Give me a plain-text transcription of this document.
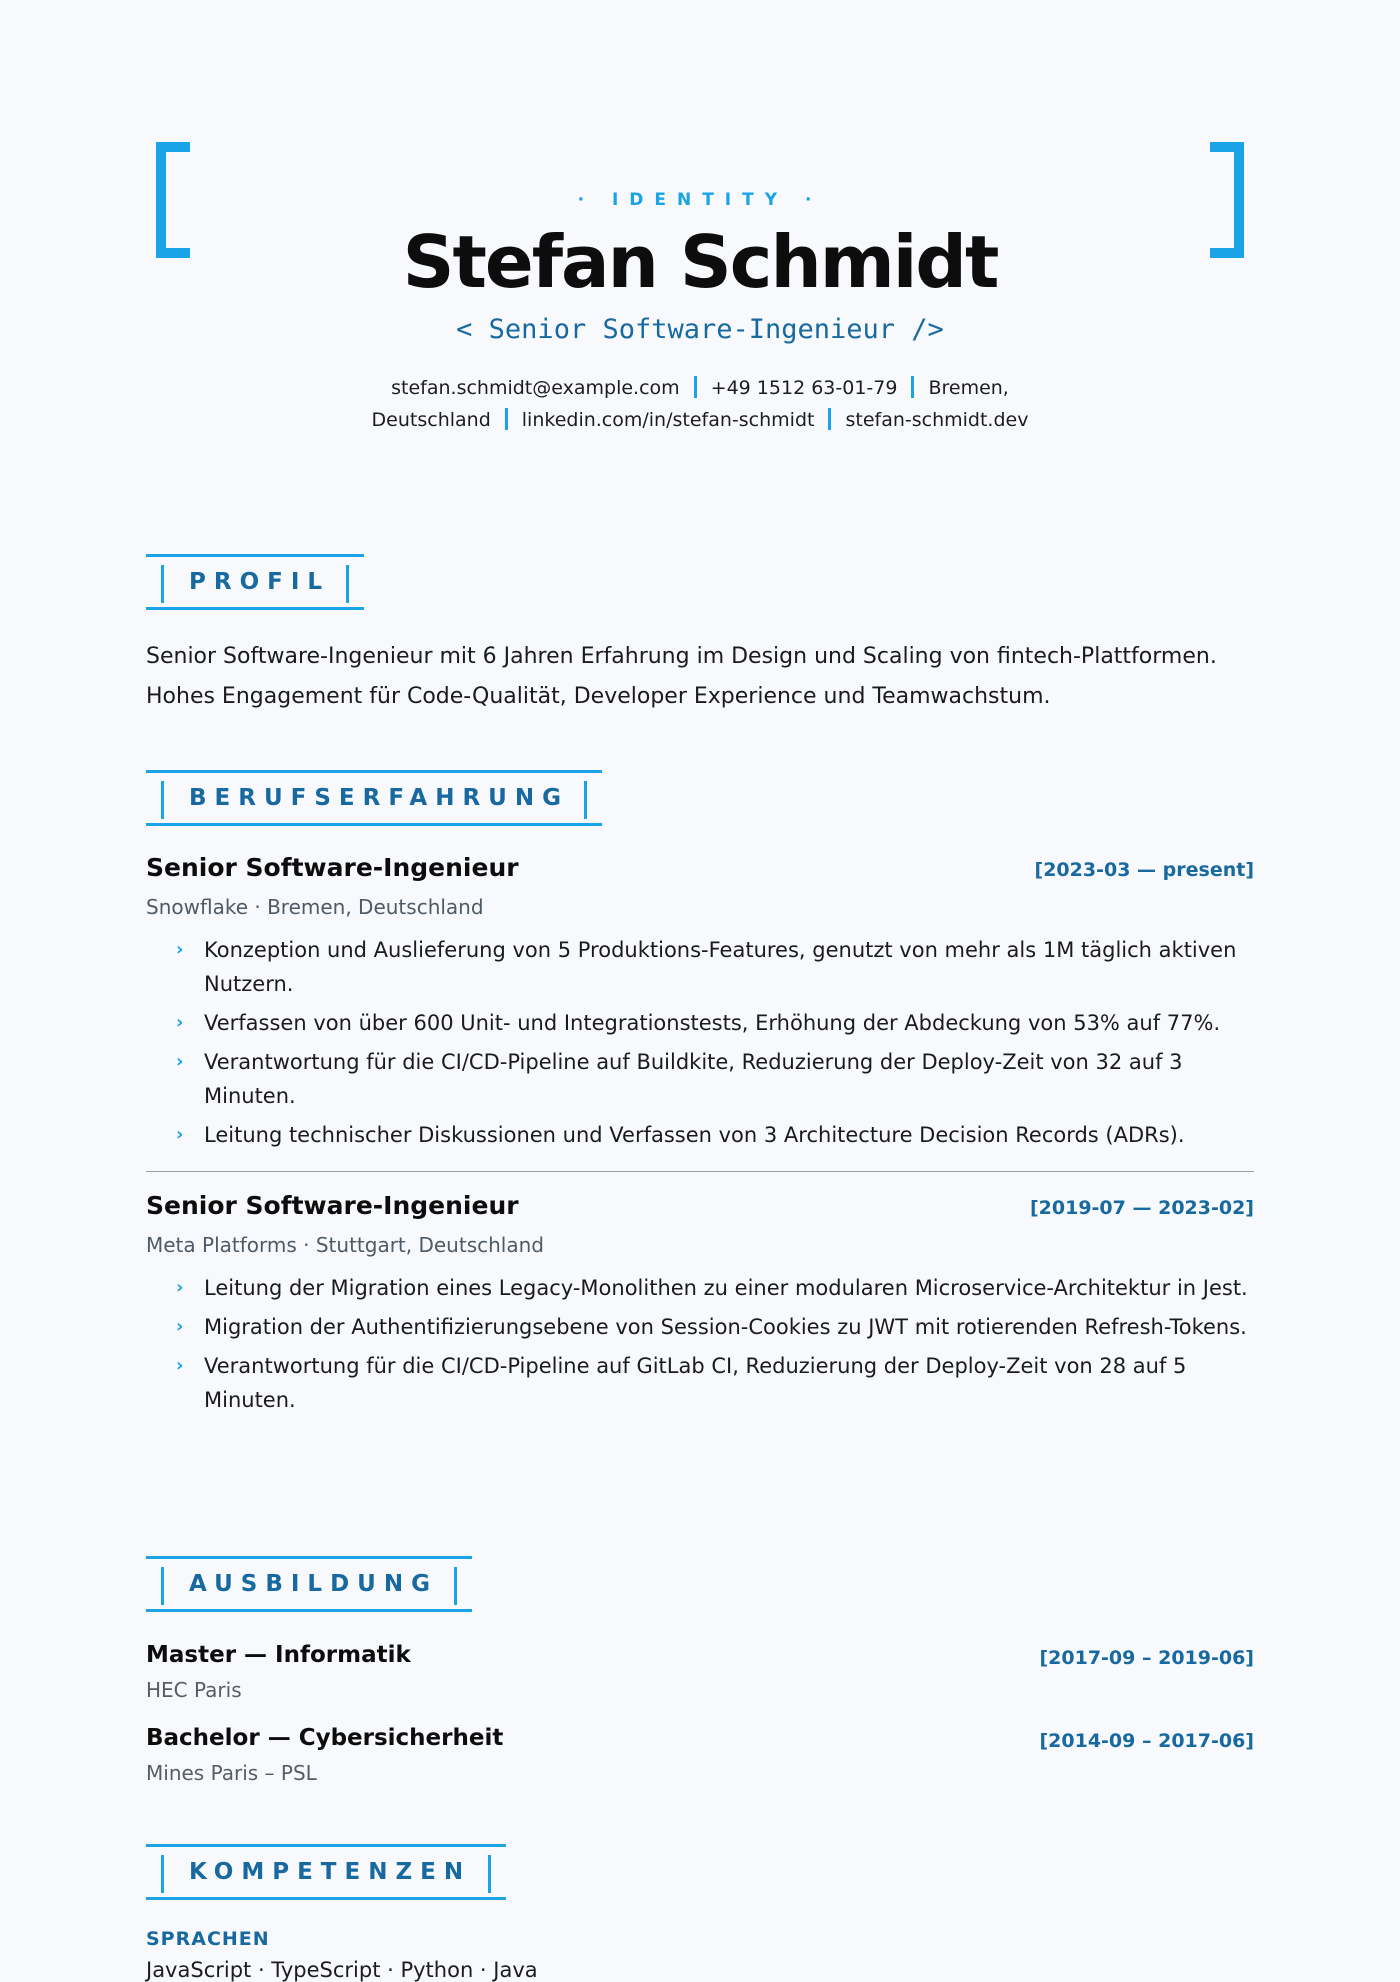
· IDENTITY ·
Stefan Schmidt
< Senior Software-Ingenieur />
stefan.schmidt@example.com +49 1512 63-01-79 Bremen,
Deutschland linkedin.com/in/stefan-schmidt stefan-schmidt.dev
PROFIL
Senior Software-Ingenieur mit 6 Jahren Erfahrung im Design und Scaling von fintech-Plattformen. Hohes Engagement für Code-Qualität, Developer Experience und Teamwachstum.
BERUFSERFAHRUNG
Senior Software-Ingenieur	[2023-03 — present]
Snowflake · Bremen, Deutschland
› Konzeption und Auslieferung von 5 Produktions-Features, genutzt von mehr als 1M täglich aktiven Nutzern.
› Verfassen von über 600 Unit- und Integrationstests, Erhöhung der Abdeckung von 53% auf 77%.
› Verantwortung für die CI/CD-Pipeline auf Buildkite, Reduzierung der Deploy-Zeit von 32 auf 3 Minuten.
› Leitung technischer Diskussionen und Verfassen von 3 Architecture Decision Records (ADRs).
Senior Software-Ingenieur	[2019-07 — 2023-02]
Meta Platforms · Stuttgart, Deutschland
› Leitung der Migration eines Legacy-Monolithen zu einer modularen Microservice-Architektur in Jest.
› Migration der Authentifizierungsebene von Session-Cookies zu JWT mit rotierenden Refresh-Tokens.
› Verantwortung für die CI/CD-Pipeline auf GitLab CI, Reduzierung der Deploy-Zeit von 28 auf 5 Minuten.
AUSBILDUNG
Master — Informatik	[2017-09 – 2019-06]
HEC Paris
Bachelor — Cybersicherheit	[2014-09 – 2017-06]
Mines Paris – PSL
KOMPETENZEN
SPRACHEN
JavaScript · TypeScript · Python · Java
